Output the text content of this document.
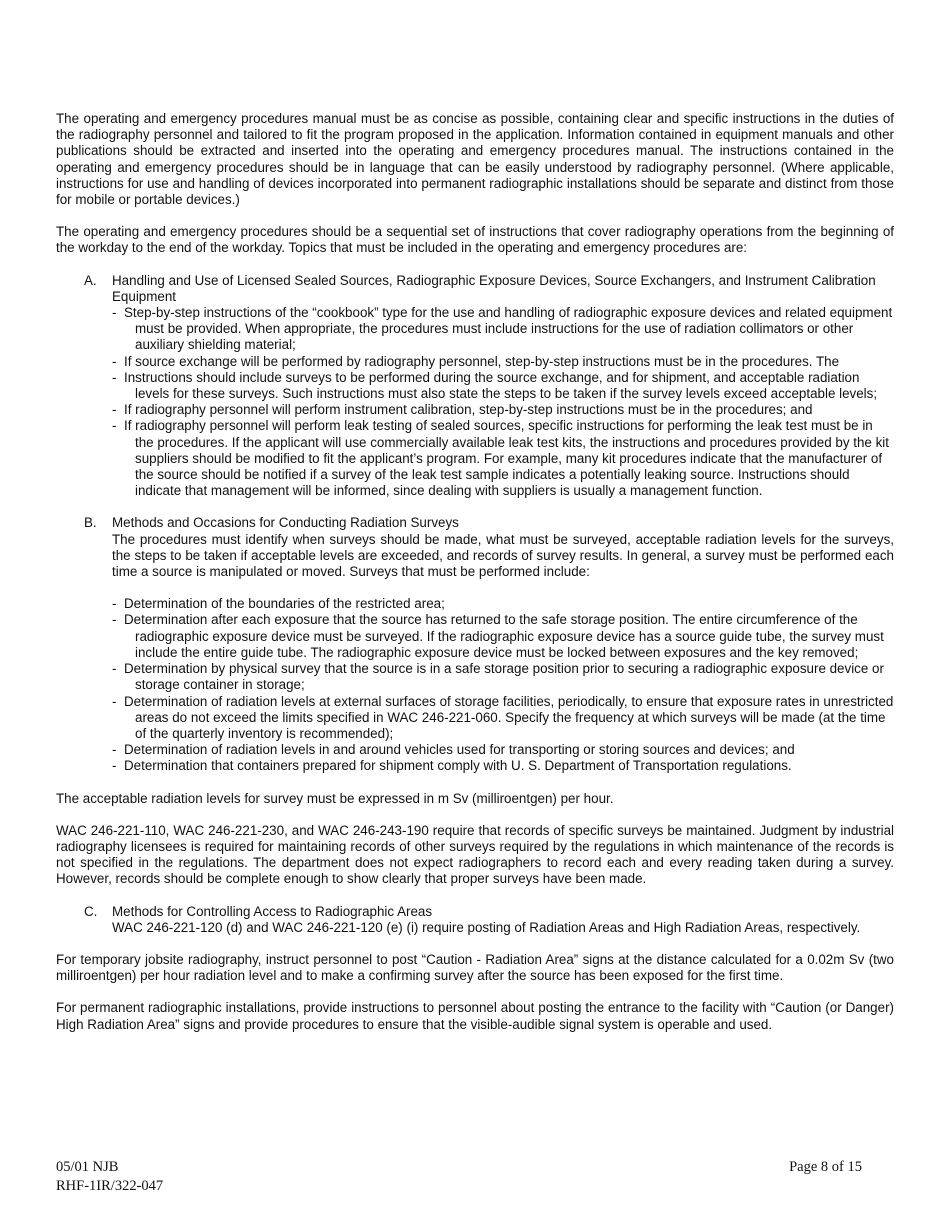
The operating and emergency procedures manual must be as concise as possible, containing clear and specific instructions in the duties of the radiography personnel and tailored to fit the program proposed in the application. Information contained in equipment manuals and other publications should be extracted and inserted into the operating and emergency procedures manual. The instructions contained in the operating and emergency procedures should be in language that can be easily understood by radiography personnel. (Where applicable, instructions for use and handling of devices incorporated into permanent radiographic installations should be separate and distinct from those for mobile or portable devices.)

The operating and emergency procedures should be a sequential set of instructions that cover radiography operations from the beginning of the workday to the end of the workday. Topics that must be included in the operating and emergency procedures are:

A. Handling and Use of Licensed Sealed Sources, Radiographic Exposure Devices, Source Exchangers, and Instrument Calibration Equipment
- Step-by-step instructions of the “cookbook” type for the use and handling of radiographic exposure devices and related equipment must be provided. When appropriate, the procedures must include instructions for the use of radiation collimators or other auxiliary shielding material;
- If source exchange will be performed by radiography personnel, step-by-step instructions must be in the procedures. The
- Instructions should include surveys to be performed during the source exchange, and for shipment, and acceptable radiation levels for these surveys. Such instructions must also state the steps to be taken if the survey levels exceed acceptable levels;
- If radiography personnel will perform instrument calibration, step-by-step instructions must be in the procedures; and
- If radiography personnel will perform leak testing of sealed sources, specific instructions for performing the leak test must be in the procedures. If the applicant will use commercially available leak test kits, the instructions and procedures provided by the kit suppliers should be modified to fit the applicant’s program. For example, many kit procedures indicate that the manufacturer of the source should be notified if a survey of the leak test sample indicates a potentially leaking source. Instructions should indicate that management will be informed, since dealing with suppliers is usually a management function.
B. Methods and Occasions for Conducting Radiation Surveys
The procedures must identify when surveys should be made, what must be surveyed, acceptable radiation levels for the surveys, the steps to be taken if acceptable levels are exceeded, and records of survey results. In general, a survey must be performed each time a source is manipulated or moved. Surveys that must be performed include:
- Determination of the boundaries of the restricted area;
- Determination after each exposure that the source has returned to the safe storage position. The entire circumference of the radiographic exposure device must be surveyed. If the radiographic exposure device has a source guide tube, the survey must include the entire guide tube. The radiographic exposure device must be locked between exposures and the key removed;
- Determination by physical survey that the source is in a safe storage position prior to securing a radiographic exposure device or storage container in storage;
- Determination of radiation levels at external surfaces of storage facilities, periodically, to ensure that exposure rates in unrestricted areas do not exceed the limits specified in WAC 246-221-060. Specify the frequency at which surveys will be made (at the time of the quarterly inventory is recommended);
- Determination of radiation levels in and around vehicles used for transporting or storing sources and devices; and
- Determination that containers prepared for shipment comply with U. S. Department of Transportation regulations.

The acceptable radiation levels for survey must be expressed in m Sv (milliroentgen) per hour.

WAC 246-221-110, WAC 246-221-230, and WAC 246-243-190 require that records of specific surveys be maintained. Judgment by industrial radiography licensees is required for maintaining records of other surveys required by the regulations in which maintenance of the records is not specified in the regulations. The department does not expect radiographers to record each and every reading taken during a survey. However, records should be complete enough to show clearly that proper surveys have been made.

C. Methods for Controlling Access to Radiographic Areas
WAC 246-221-120 (d) and WAC 246-221-120 (e) (i) require posting of Radiation Areas and High Radiation Areas, respectively.

For temporary jobsite radiography, instruct personnel to post “Caution - Radiation Area” signs at the distance calculated for a 0.02m Sv (two milliroentgen) per hour radiation level and to make a confirming survey after the source has been exposed for the first time.

For permanent radiographic installations, provide instructions to personnel about posting the entrance to the facility with “Caution (or Danger) High Radiation Area” signs and provide procedures to ensure that the visible-audible signal system is operable and used.

05/01 NJB
RHF-1IR/322-047
Page 8 of 15
